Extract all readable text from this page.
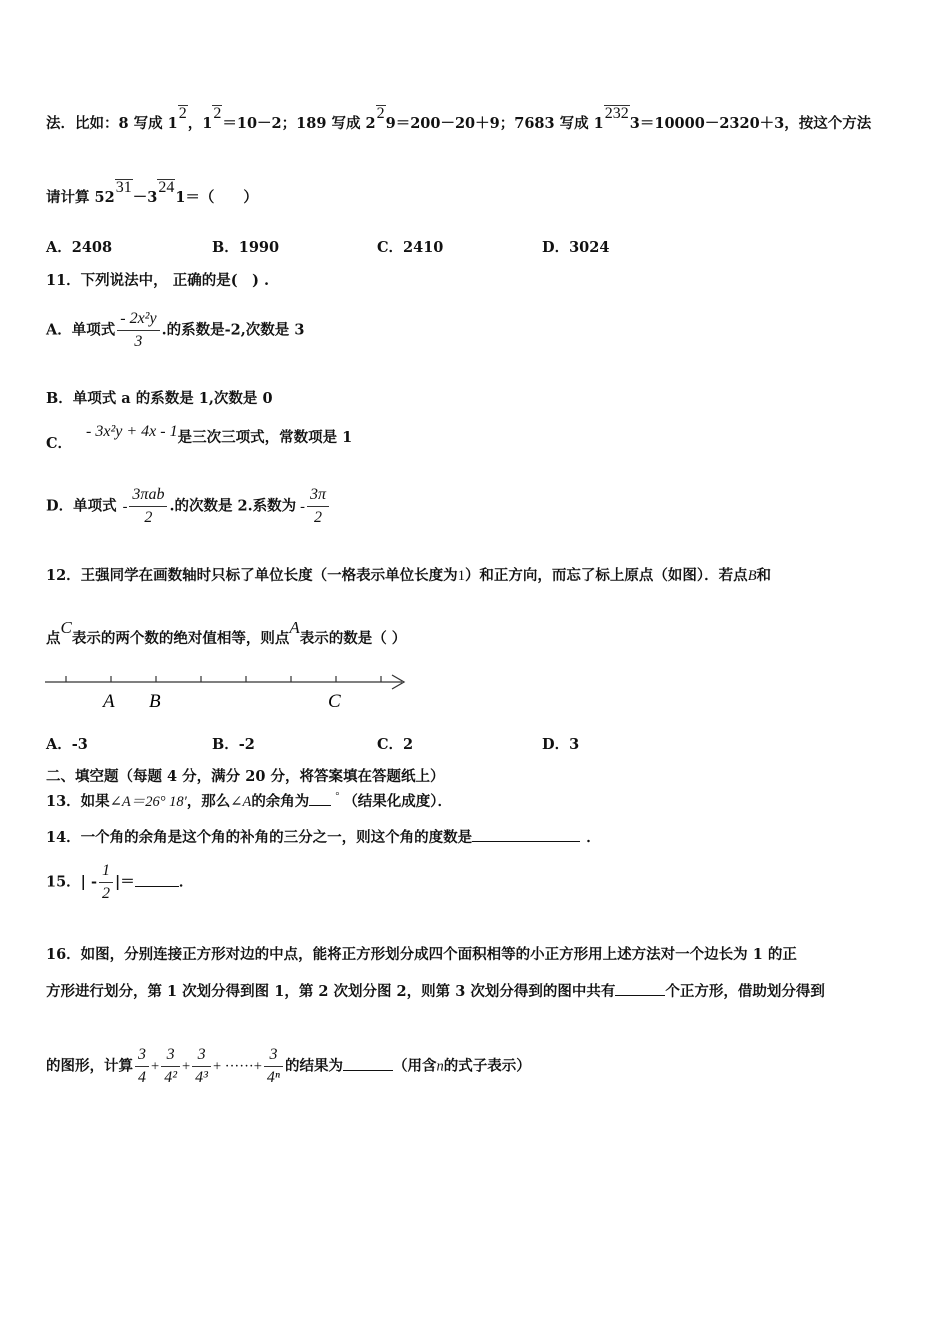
法．比如：8 写成 12，12＝10－2；189 写成 229＝200－20＋9；7683 写成 12323＝10000－2320＋3，按这个方法
请计算 5231－3241＝（　　）
A．2408	B．1990	C．2410	D．3024
11．下列说法中， 正确的是(　) .
A．单项式 $\frac{\text{- 2x²y}}{3}$ .的系数是-2,次数是 3
B．单项式 a 的系数是 1,次数是 0
C．- 3x²y + 4x - 1是三次三项式，常数项是 1
D．单项式 - $\frac{\text{3πab}}{2}$ .的次数是 2.系数为 - $\frac{3\pi}{2}$
12．王强同学在画数轴时只标了单位长度（一格表示单位长度为1）和正方向，而忘了标上原点（如图）．若点B和
点C表示的两个数的绝对值相等，则点A表示的数是（ ）
A B	C
A．-3	B．-2	C．2	D．3
二、填空题（每题 4 分，满分 20 分，将答案填在答题纸上）
13．如果∠A＝26° 18′，那么∠A的余角为	° （结果化成度）．
14．一个角的余角是这个角的补角的三分之一，则这个角的度数是	．
15．| - $\frac{1}{2}$ |＝	．
16．如图，分别连接正方形对边的中点，能将正方形划分成四个面积相等的小正方形用上述方法对一个边长为 1 的正
方形进行划分，第 1 次划分得到图 1，第 2 次划分图 2，则第 3 次划分得到的图中共有	个正方形，借助划分得到
的图形，计算 $\frac{3}{4} + \frac{3}{\text{4²}} + \frac{3}{\text{4³}}$ + ······+ $\frac{3}{\text{4ⁿ}}$ 的结果为	（用含n的式子表示）
